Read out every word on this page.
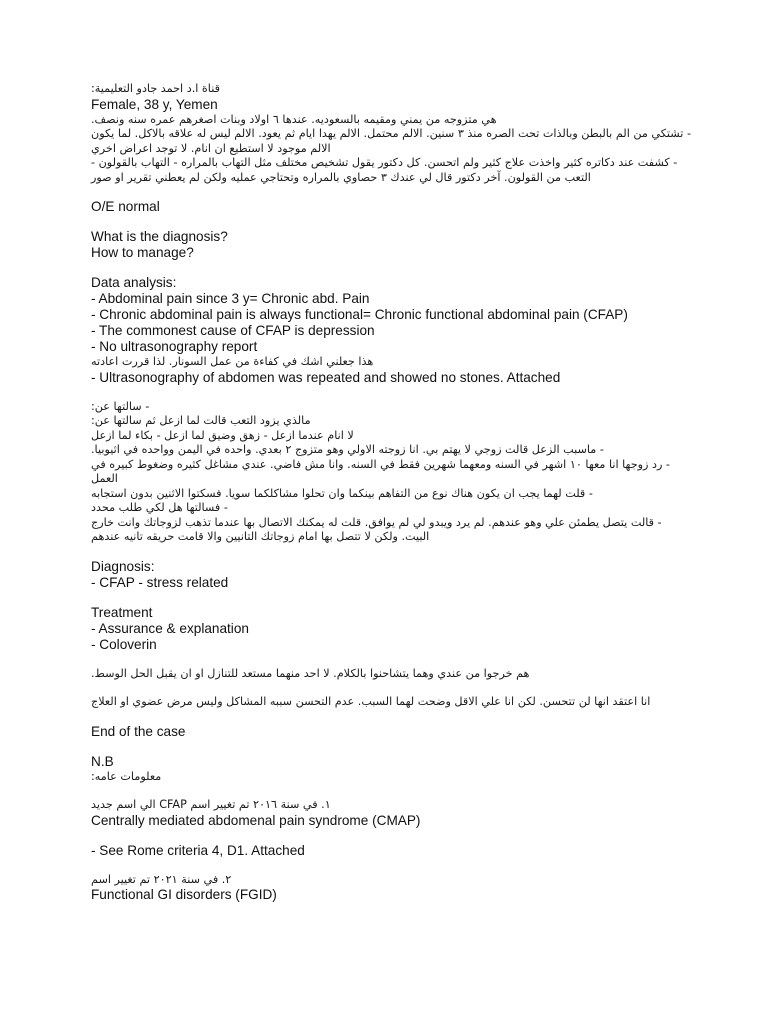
قناة ا.د احمد جادو التعليمية:
Female, 38 y, Yemen
هي متزوجه من يمني ومقيمه بالسعوديه. عندها ٦ اولاد وبنات اصغرهم عمره سنه ونصف.
- تشتكي من الم بالبطن وبالذات تحت الصره منذ ٣ سنين. الالم محتمل. الالم يهدا ايام ثم يعود. الالم ليس له علاقه بالاكل. لما يكون
الالم موجود لا استطيع ان انام. لا توجد اعراض اخري
- كشفت عند دكاتره كثير واخذت علاج كثير ولم اتحسن. كل دكتور يقول تشخيص مختلف مثل التهاب بالمراره - التهاب بالقولون -
التعب من القولون. آخر دكتور قال لي عندك ٣ حصاوي بالمراره وتحتاجي عمليه ولكن لم يعطني تقرير او صور
O/E normal
What is the diagnosis?
How to manage?
Data analysis:
- Abdominal pain since 3 y= Chronic abd. Pain
- Chronic abdominal pain is always functional= Chronic functional abdominal pain (CFAP)
- The commonest cause of CFAP is depression
- No ultrasonography report
هذا جعلني اشك في كفاءة من عمل السونار. لذا قررت اعادته
- Ultrasonography of abdomen was repeated and showed no stones. Attached
- سالتها عن:
مالذي يزود التعب قالت لما ازعل ثم سالتها عن:
لا انام عندما ازعل - زهق وضيق لما ازعل - بكاء لما ازعل
- ماسبب الزعل قالت زوجي لا يهتم بي. انا زوجته الاولي وهو متزوج ٢ بعدي. واحده في اليمن وواحده في اثيوبيا.
- رد زوجها انا معها ١٠ اشهر في السنه ومعهما شهرين فقط في السنه. وانا مش فاضي. عندي مشاغل كثيره وضغوط كبيره في
العمل
- قلت لهما يجب ان يكون هناك نوع من التفاهم بينكما وان تحلوا مشاكلكما سويا. فسكتوا الاثنين بدون استجابه
- فسالتها هل لكي طلب محدد
- قالت يتصل يطمئن علي وهو عندهم. لم يرد ويبدو لي لم يوافق. قلت له يمكنك الاتصال بها عندما تذهب لزوجاتك وانت خارج
البيت. ولكن لا تتصل بها امام زوجاتك التانيين والا قامت حريقه تانيه عندهم
Diagnosis:
- CFAP - stress related
Treatment
- Assurance & explanation
- Coloverin
هم خرجوا من عندي وهما يتشاحنوا بالكلام. لا احد منهما مستعد للتنازل او ان يقبل الحل الوسط.
انا اعتقد انها لن تتحسن. لكن انا علي الاقل وضحت لهما السبب. عدم التحسن سببه المشاكل وليس مرض عضوي او العلاج
End of the case
N.B
معلومات عامه:
١. في سنة ٢٠١٦ تم تغيير اسم CFAP الي اسم جديد
Centrally mediated abdomenal pain syndrome (CMAP)
- See Rome criteria 4, D1. Attached
٢. في سنة ٢٠٢١ تم تغيير اسم
Functional GI disorders (FGID)
